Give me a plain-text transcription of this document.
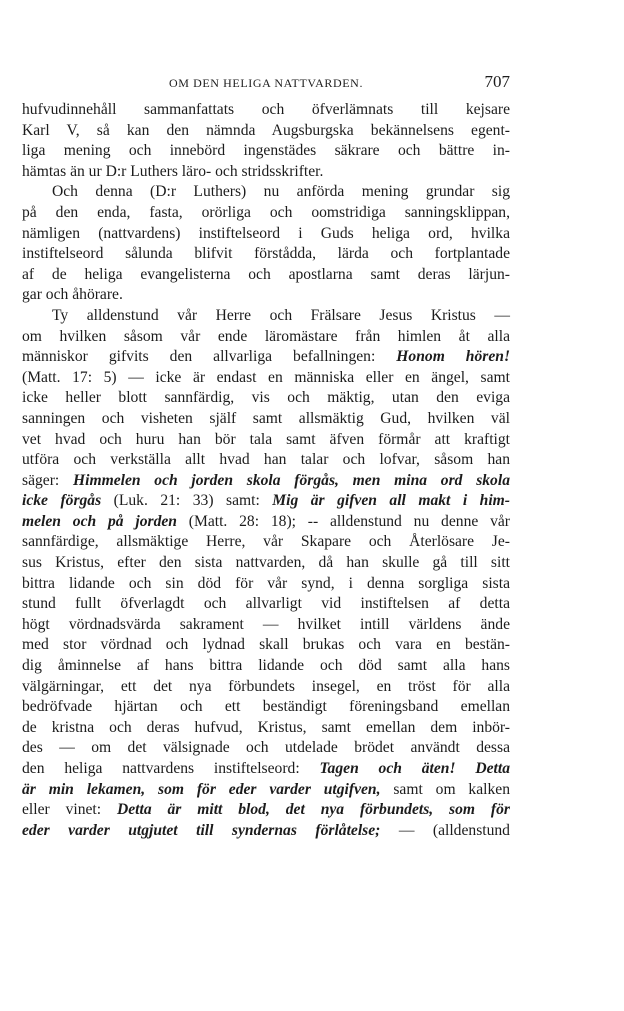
OM DEN HELIGA NATTVARDEN.	707
hufvudinnehåll sammanfattats och öfverlämnats till kejsare
Karl V, så kan den nämnda Augsburgska bekännelsens egent-
liga mening och innebörd ingenstädes säkrare och bättre in-
hämtas än ur D:r Luthers läro- och stridsskrifter.
Och denna (D:r Luthers) nu anförda mening grundar sig
på den enda, fasta, orörliga och oomstridiga sanningsklippan,
nämligen (nattvardens) instiftelseord i Guds heliga ord, hvilka
instiftelseord sålunda blifvit förstådda, lärda och fortplantade
af de heliga evangelisterna och apostlarna samt deras lärjun-
gar och åhörare.
Ty alldenstund vår Herre och Frälsare Jesus Kristus —
om hvilken såsom vår ende läromästare från himlen åt alla
människor gifvits den allvarliga befallningen: Honom hören!
(Matt. 17: 5) — icke är endast en människa eller en ängel, samt
icke heller blott sannfärdig, vis och mäktig, utan den eviga
sanningen och visheten själf samt allsmäktig Gud, hvilken väl
vet hvad och huru han bör tala samt äfven förmår att kraftigt
utföra och verkställa allt hvad han talar och lofvar, såsom han
säger: Himmelen och jorden skola förgås, men mina ord skola
icke förgås (Luk. 21: 33) samt: Mig är gifven all makt i him-
melen och på jorden (Matt. 28: 18); -- alldenstund nu denne vår
sannfärdige, allsmäktige Herre, vår Skapare och Återlösare Je-
sus Kristus, efter den sista nattvarden, då han skulle gå till sitt
bittra lidande och sin död för vår synd, i denna sorgliga sista
stund fullt öfverlagdt och allvarligt vid instiftelsen af detta
högt vördnadsvärda sakrament — hvilket intill världens ände
med stor vördnad och lydnad skall brukas och vara en bestän-
dig åminnelse af hans bittra lidande och död samt alla hans
välgärningar, ett det nya förbundets insegel, en tröst för alla
bedröfvade hjärtan och ett beständigt föreningsband emellan
de kristna och deras hufvud, Kristus, samt emellan dem inbör-
des — om det välsignade och utdelade brödet användt dessa
den heliga nattvardens instiftelseord: Tagen och äten! Detta
är min lekamen, som för eder varder utgifven, samt om kalken
eller vinet: Detta är mitt blod, det nya förbundets, som för
eder varder utgjutet till syndernas förlåtelse; — (alldenstund
